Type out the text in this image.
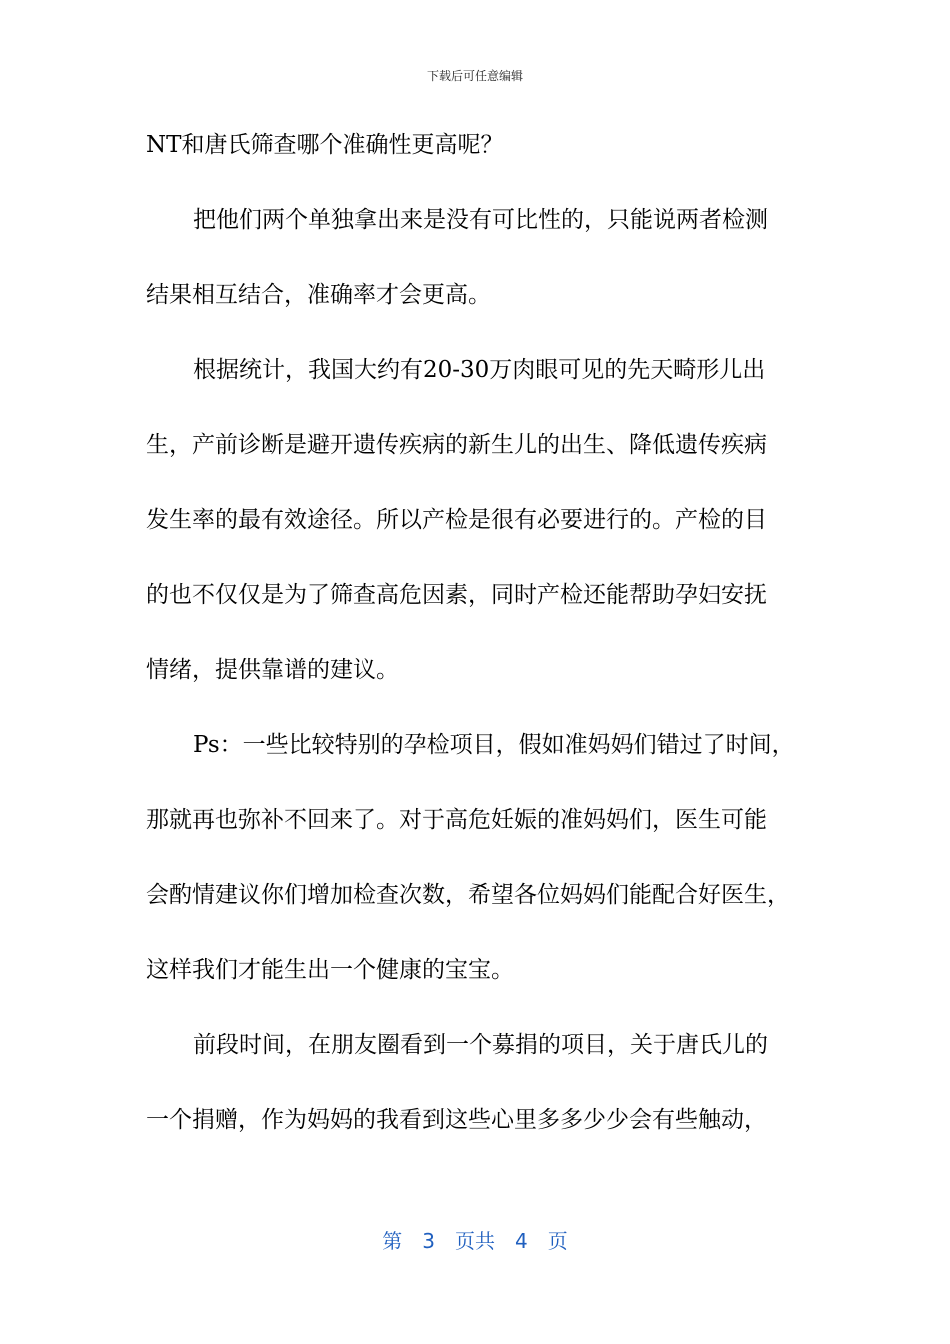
下载后可任意编辑
NT和唐氏筛查哪个准确性更高呢？
把他们两个单独拿出来是没有可比性的，只能说两者检测
结果相互结合，准确率才会更高。
根据统计，我国大约有20-30万肉眼可见的先天畸形儿出
生，产前诊断是避开遗传疾病的新生儿的出生、降低遗传疾病
发生率的最有效途径。所以产检是很有必要进行的。产检的目
的也不仅仅是为了筛查高危因素，同时产检还能帮助孕妇安抚
情绪，提供靠谱的建议。
Ps：一些比较特别的孕检项目，假如准妈妈们错过了时间，
那就再也弥补不回来了。对于高危妊娠的准妈妈们，医生可能
会酌情建议你们增加检查次数，希望各位妈妈们能配合好医生，
这样我们才能生出一个健康的宝宝。
前段时间，在朋友圈看到一个募捐的项目，关于唐氏儿的
一个捐赠，作为妈妈的我看到这些心里多多少少会有些触动，
第 3 页共 4 页
